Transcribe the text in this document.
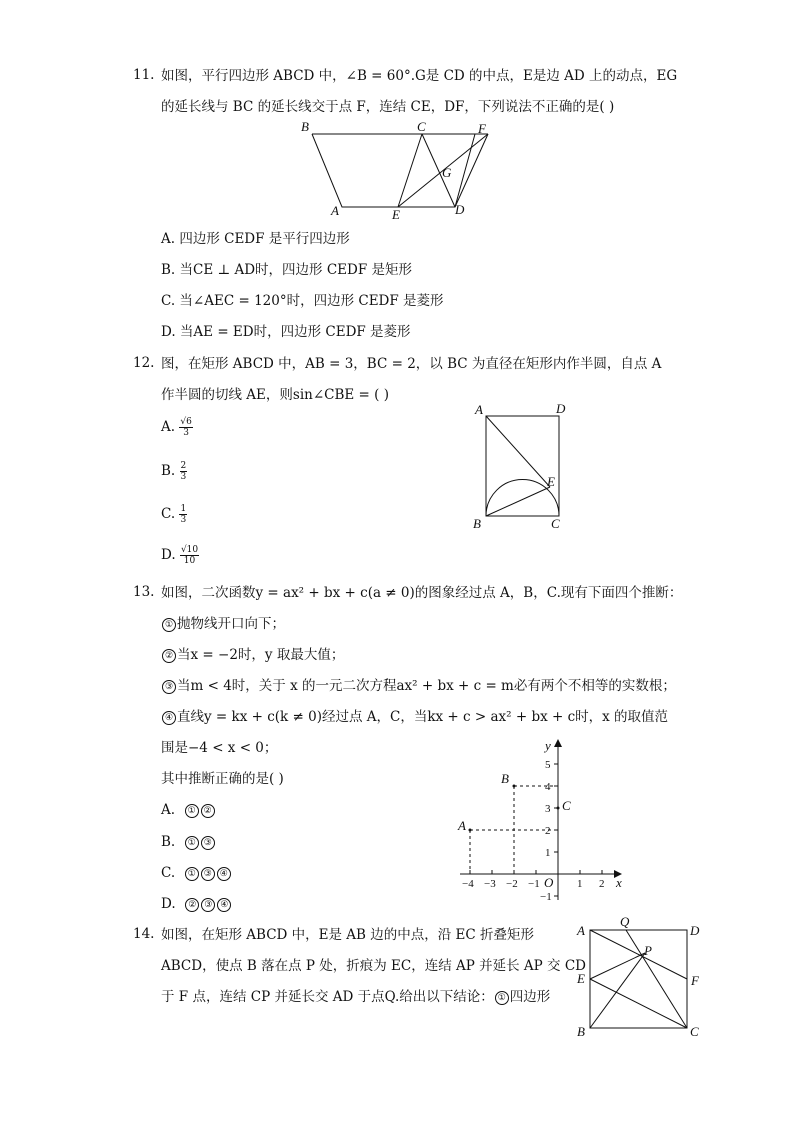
11. 如图，平行四边形 ABCD 中，∠B = 60°.G是 CD 的中点，E是边 AD 上的动点，EG
的延长线与 BC 的延长线交于点 F，连结 CE，DF，下列说法不正确的是( )
B	C	F
G
A	E	D
A. 四边形 CEDF 是平行四边形
B. 当CE ⊥ AD时，四边形 CEDF 是矩形
C. 当∠AEC = 120°时，四边形 CEDF 是菱形
D. 当AE = ED时，四边形 CEDF 是菱形
12. 图，在矩形 ABCD 中，AB = 3，BC = 2，以 BC 为直径在矩形内作半圆，自点 A
作半圆的切线 AE，则sin∠CBE = ( )
A. $\frac{√6}{3}$
B. $\frac{2}{3}$
C. $\frac{1}{3}$
D. $\frac{√10}{10}$
A	D
E
B	C
13. 如图，二次函数y = ax² + bx + c(a ≠ 0)的图象经过点 A，B，C.现有下面四个推断：
① 抛物线开口向下；
② 当x = −2时，y 取最大值；
③ 当m < 4时，关于 x 的一元二次方程ax² + bx + c = m必有两个不相等的实数根；
④ 直线y = kx + c(k ≠ 0)经过点 A，C，当kx + c > ax² + bx + c时，x 的取值范
围是−4 < x < 0；
其中推断正确的是( )
A. ① ②
B. ① ③
C. ① ③ ④
D. ② ③ ④
y
x
O
A
B
C
5
4
3
2
1
−1
−4 −3 −2 −1	1 2
14. 如图，在矩形 ABCD 中，E是 AB 边的中点，沿 EC 折叠矩形
ABCD，使点 B 落在点 P 处，折痕为 EC，连结 AP 并延长 AP 交 CD
于 F 点，连结 CP 并延长交 AD 于点Q.给出以下结论： ① 四边形
Q
A	D
P
E	F
B	C
